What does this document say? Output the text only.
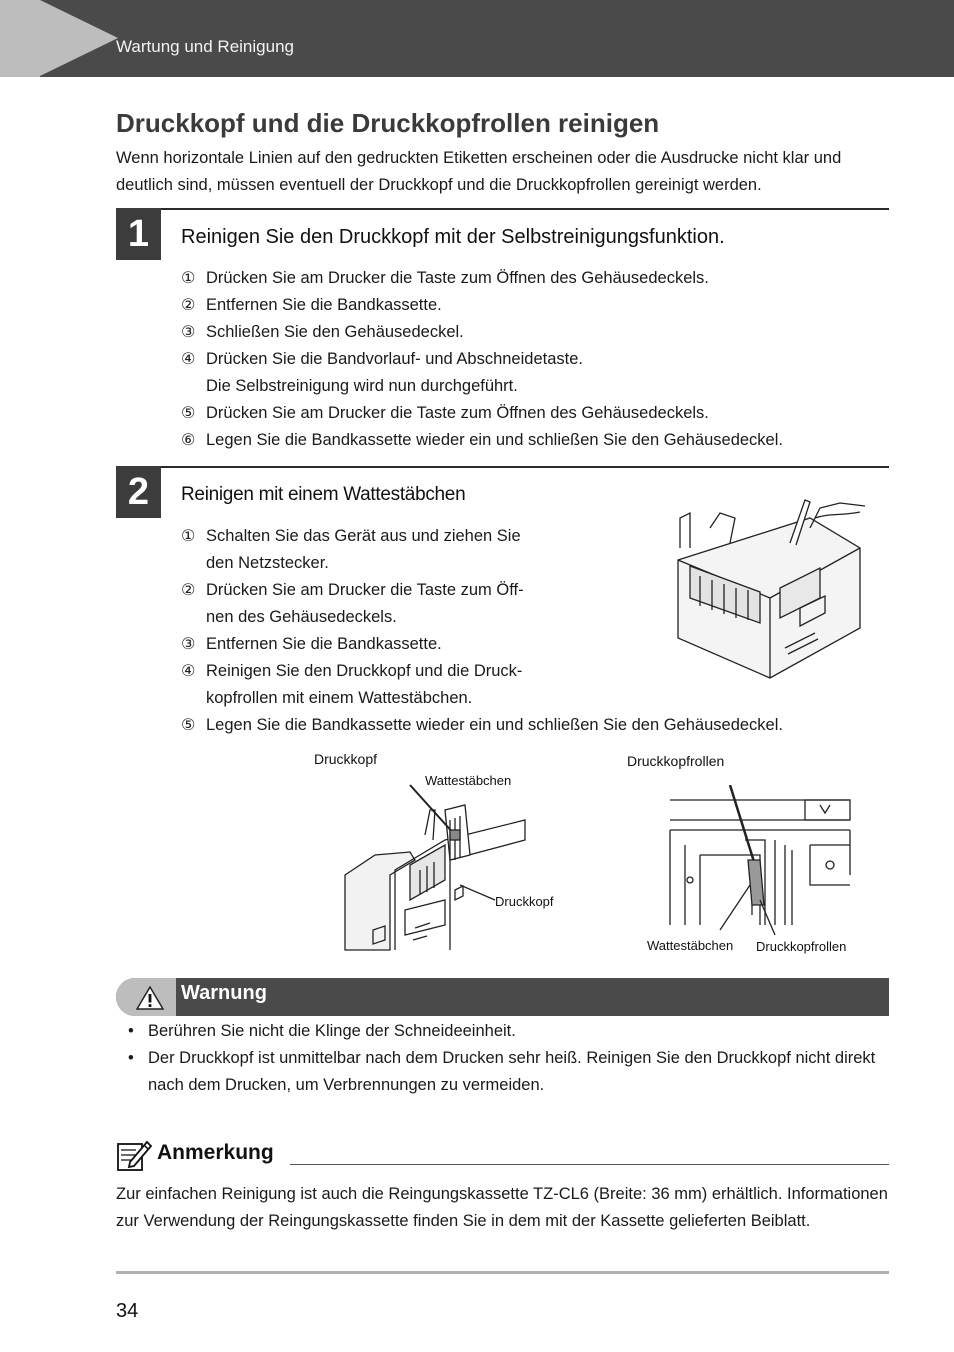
Wartung und Reinigung
Druckkopf und die Druckkopfrollen reinigen

Wenn horizontale Linien auf den gedruckten Etiketten erscheinen oder die Ausdrucke nicht klar und deutlich sind, müssen eventuell der Druckkopf und die Druckkopfrollen gereinigt werden.

1	Reinigen Sie den Druckkopf mit der Selbstreinigungsfunktion.
① Drücken Sie am Drucker die Taste zum Öffnen des Gehäusedeckels.
② Entfernen Sie die Bandkassette.
③ Schließen Sie den Gehäusedeckel.
④ Drücken Sie die Bandvorlauf- und Abschneidetaste.
Die Selbstreinigung wird nun durchgeführt.
⑤ Drücken Sie am Drucker die Taste zum Öffnen des Gehäusedeckels.
⑥ Legen Sie die Bandkassette wieder ein und schließen Sie den Gehäusedeckel.
2	Reinigen mit einem Wattestäbchen
① Schalten Sie das Gerät aus und ziehen Sie
den Netzstecker.
② Drücken Sie am Drucker die Taste zum Öff-
nen des Gehäusedeckels.
③ Entfernen Sie die Bandkassette.
④ Reinigen Sie den Druckkopf und die Druck-
kopfrollen mit einem Wattestäbchen.
⑤ Legen Sie die Bandkassette wieder ein und schließen Sie den Gehäusedeckel.
Druckkopf
Wattestäbchen
Druckkopf
Druckkopfrollen
Wattestäbchen Druckkopfrollen
Warnung
• Berühren Sie nicht die Klinge der Schneideeinheit.
• Der Druckkopf ist unmittelbar nach dem Drucken sehr heiß. Reinigen Sie den Druckkopf nicht direkt nach dem Drucken, um Verbrennungen zu vermeiden.
Anmerkung

Zur einfachen Reinigung ist auch die Reingungskassette TZ-CL6 (Breite: 36 mm) erhältlich. Informationen zur Verwendung der Reingungskassette finden Sie in dem mit der Kassette gelieferten Beiblatt.

34
